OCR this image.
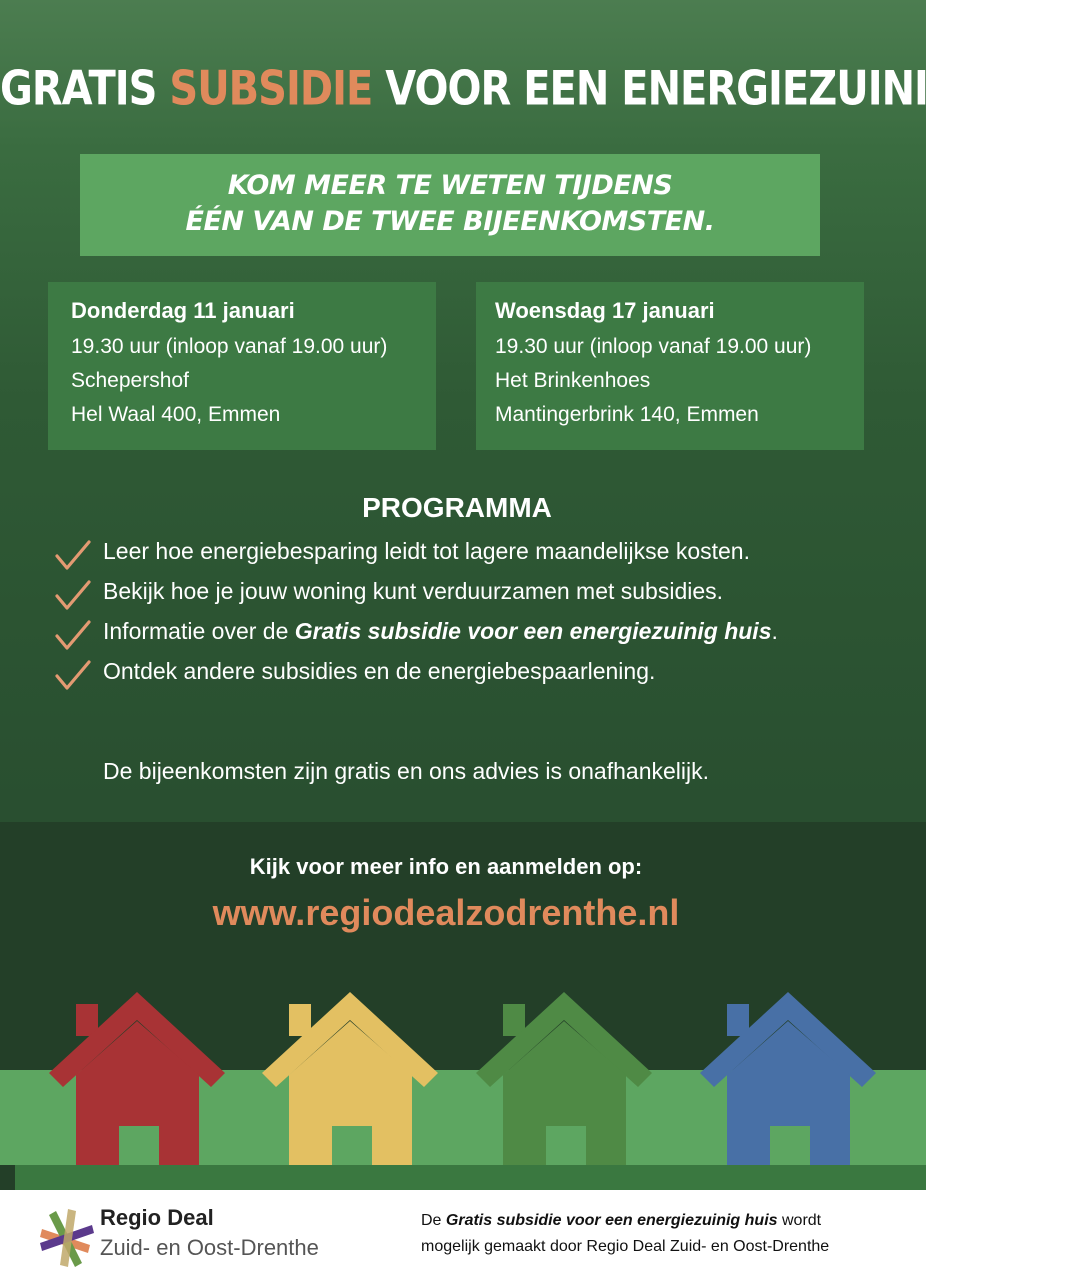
GRATIS SUBSIDIE VOOR EEN ENERGIEZUINIG HUIS
KOM MEER TE WETEN TIJDENS
ÉÉN VAN DE TWEE BIJEENKOMSTEN.
Donderdag 11 januari
19.30 uur (inloop vanaf 19.00 uur)
Schepershof
Hel Waal 400, Emmen
Woensdag 17 januari
19.30 uur (inloop vanaf 19.00 uur)
Het Brinkenhoes
Mantingerbrink 140, Emmen
PROGRAMMA
Leer hoe energiebesparing leidt tot lagere maandelijkse kosten.
Bekijk hoe je jouw woning kunt verduurzamen met subsidies.
Informatie over de Gratis subsidie voor een energiezuinig huis.
Ontdek andere subsidies en de energiebespaarlening.
De bijeenkomsten zijn gratis en ons advies is onafhankelijk.
Kijk voor meer info en aanmelden op:
www.regiodealzodrenthe.nl
Regio Deal
Zuid- en Oost-Drenthe
De Gratis subsidie voor een energiezuinig huis wordt
mogelijk gemaakt door Regio Deal Zuid- en Oost-Drenthe
